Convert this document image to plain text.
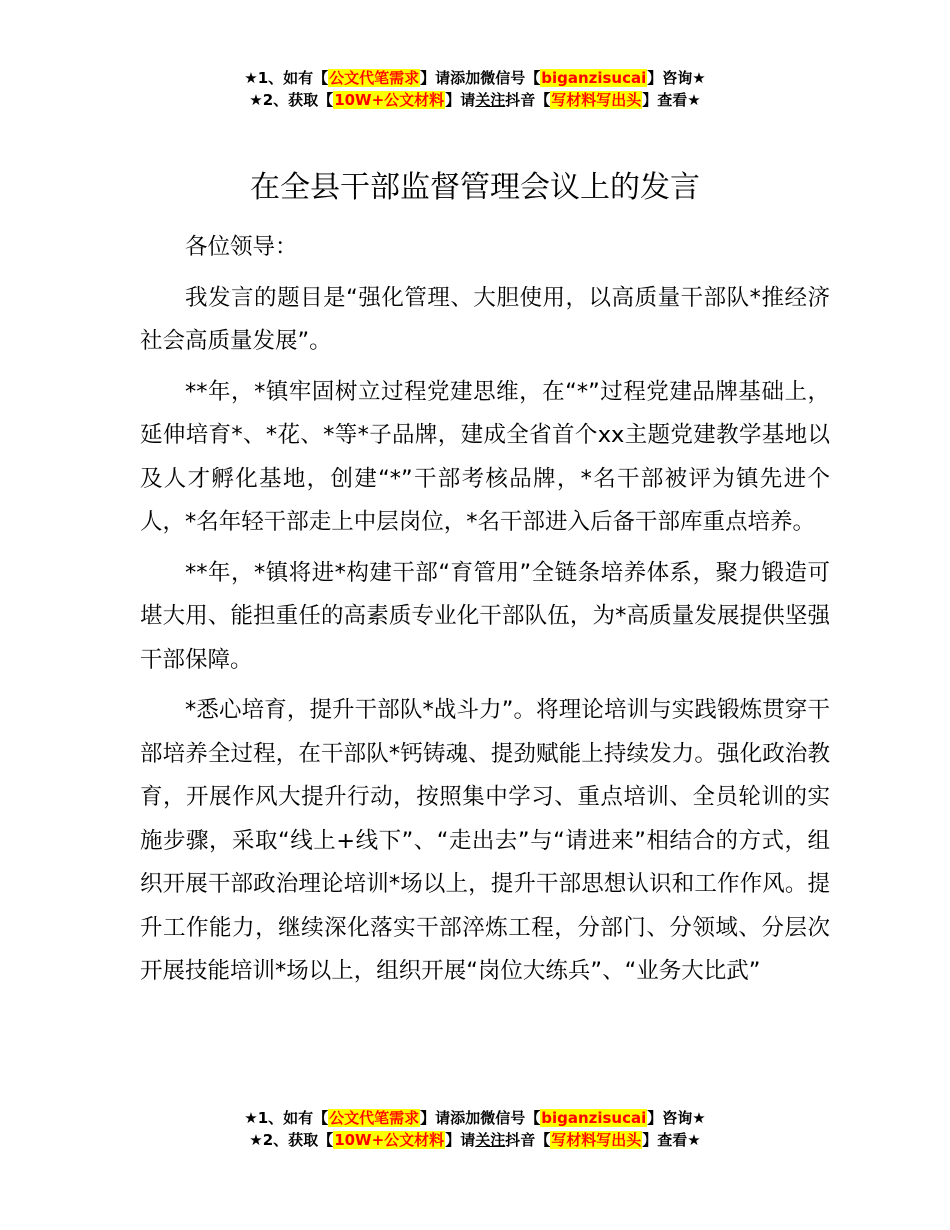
★1、如有【公文代笔需求】请添加微信号【biganzisucai】咨询★
★2、获取【10W+公文材料】请关注抖音【写材料写出头】查看★
在全县干部监督管理会议上的发言

各位领导：

我发言的题目是“强化管理、大胆使用，以高质量干部队*推经济社会高质量发展”。

**年，*镇牢固树立过程党建思维，在“*”过程党建品牌基础上，延伸培育*、*花、*等*子品牌，建成全省首个xx主题党建教学基地以及人才孵化基地，创建“*”干部考核品牌，*名干部被评为镇先进个人，*名年轻干部走上中层岗位，*名干部进入后备干部库重点培养。

**年，*镇将进*构建干部“育管用”全链条培养体系，聚力锻造可堪大用、能担重任的高素质专业化干部队伍，为*高质量发展提供坚强干部保障。

*悉心培育，提升干部队*战斗力”。将理论培训与实践锻炼贯穿干部培养全过程，在干部队*钙铸魂、提劲赋能上持续发力。强化政治教育，开展作风大提升行动，按照集中学习、重点培训、全员轮训的实施步骤，采取“线上+线下”、“走出去”与“请进来”相结合的方式，组织开展干部政治理论培训*场以上，提升干部思想认识和工作作风。提升工作能力，继续深化落实干部淬炼工程，分部门、分领域、分层次开展技能培训*场以上，组织开展“岗位大练兵”、“业务大比武”

★1、如有【公文代笔需求】请添加微信号【biganzisucai】咨询★
★2、获取【10W+公文材料】请关注抖音【写材料写出头】查看★
